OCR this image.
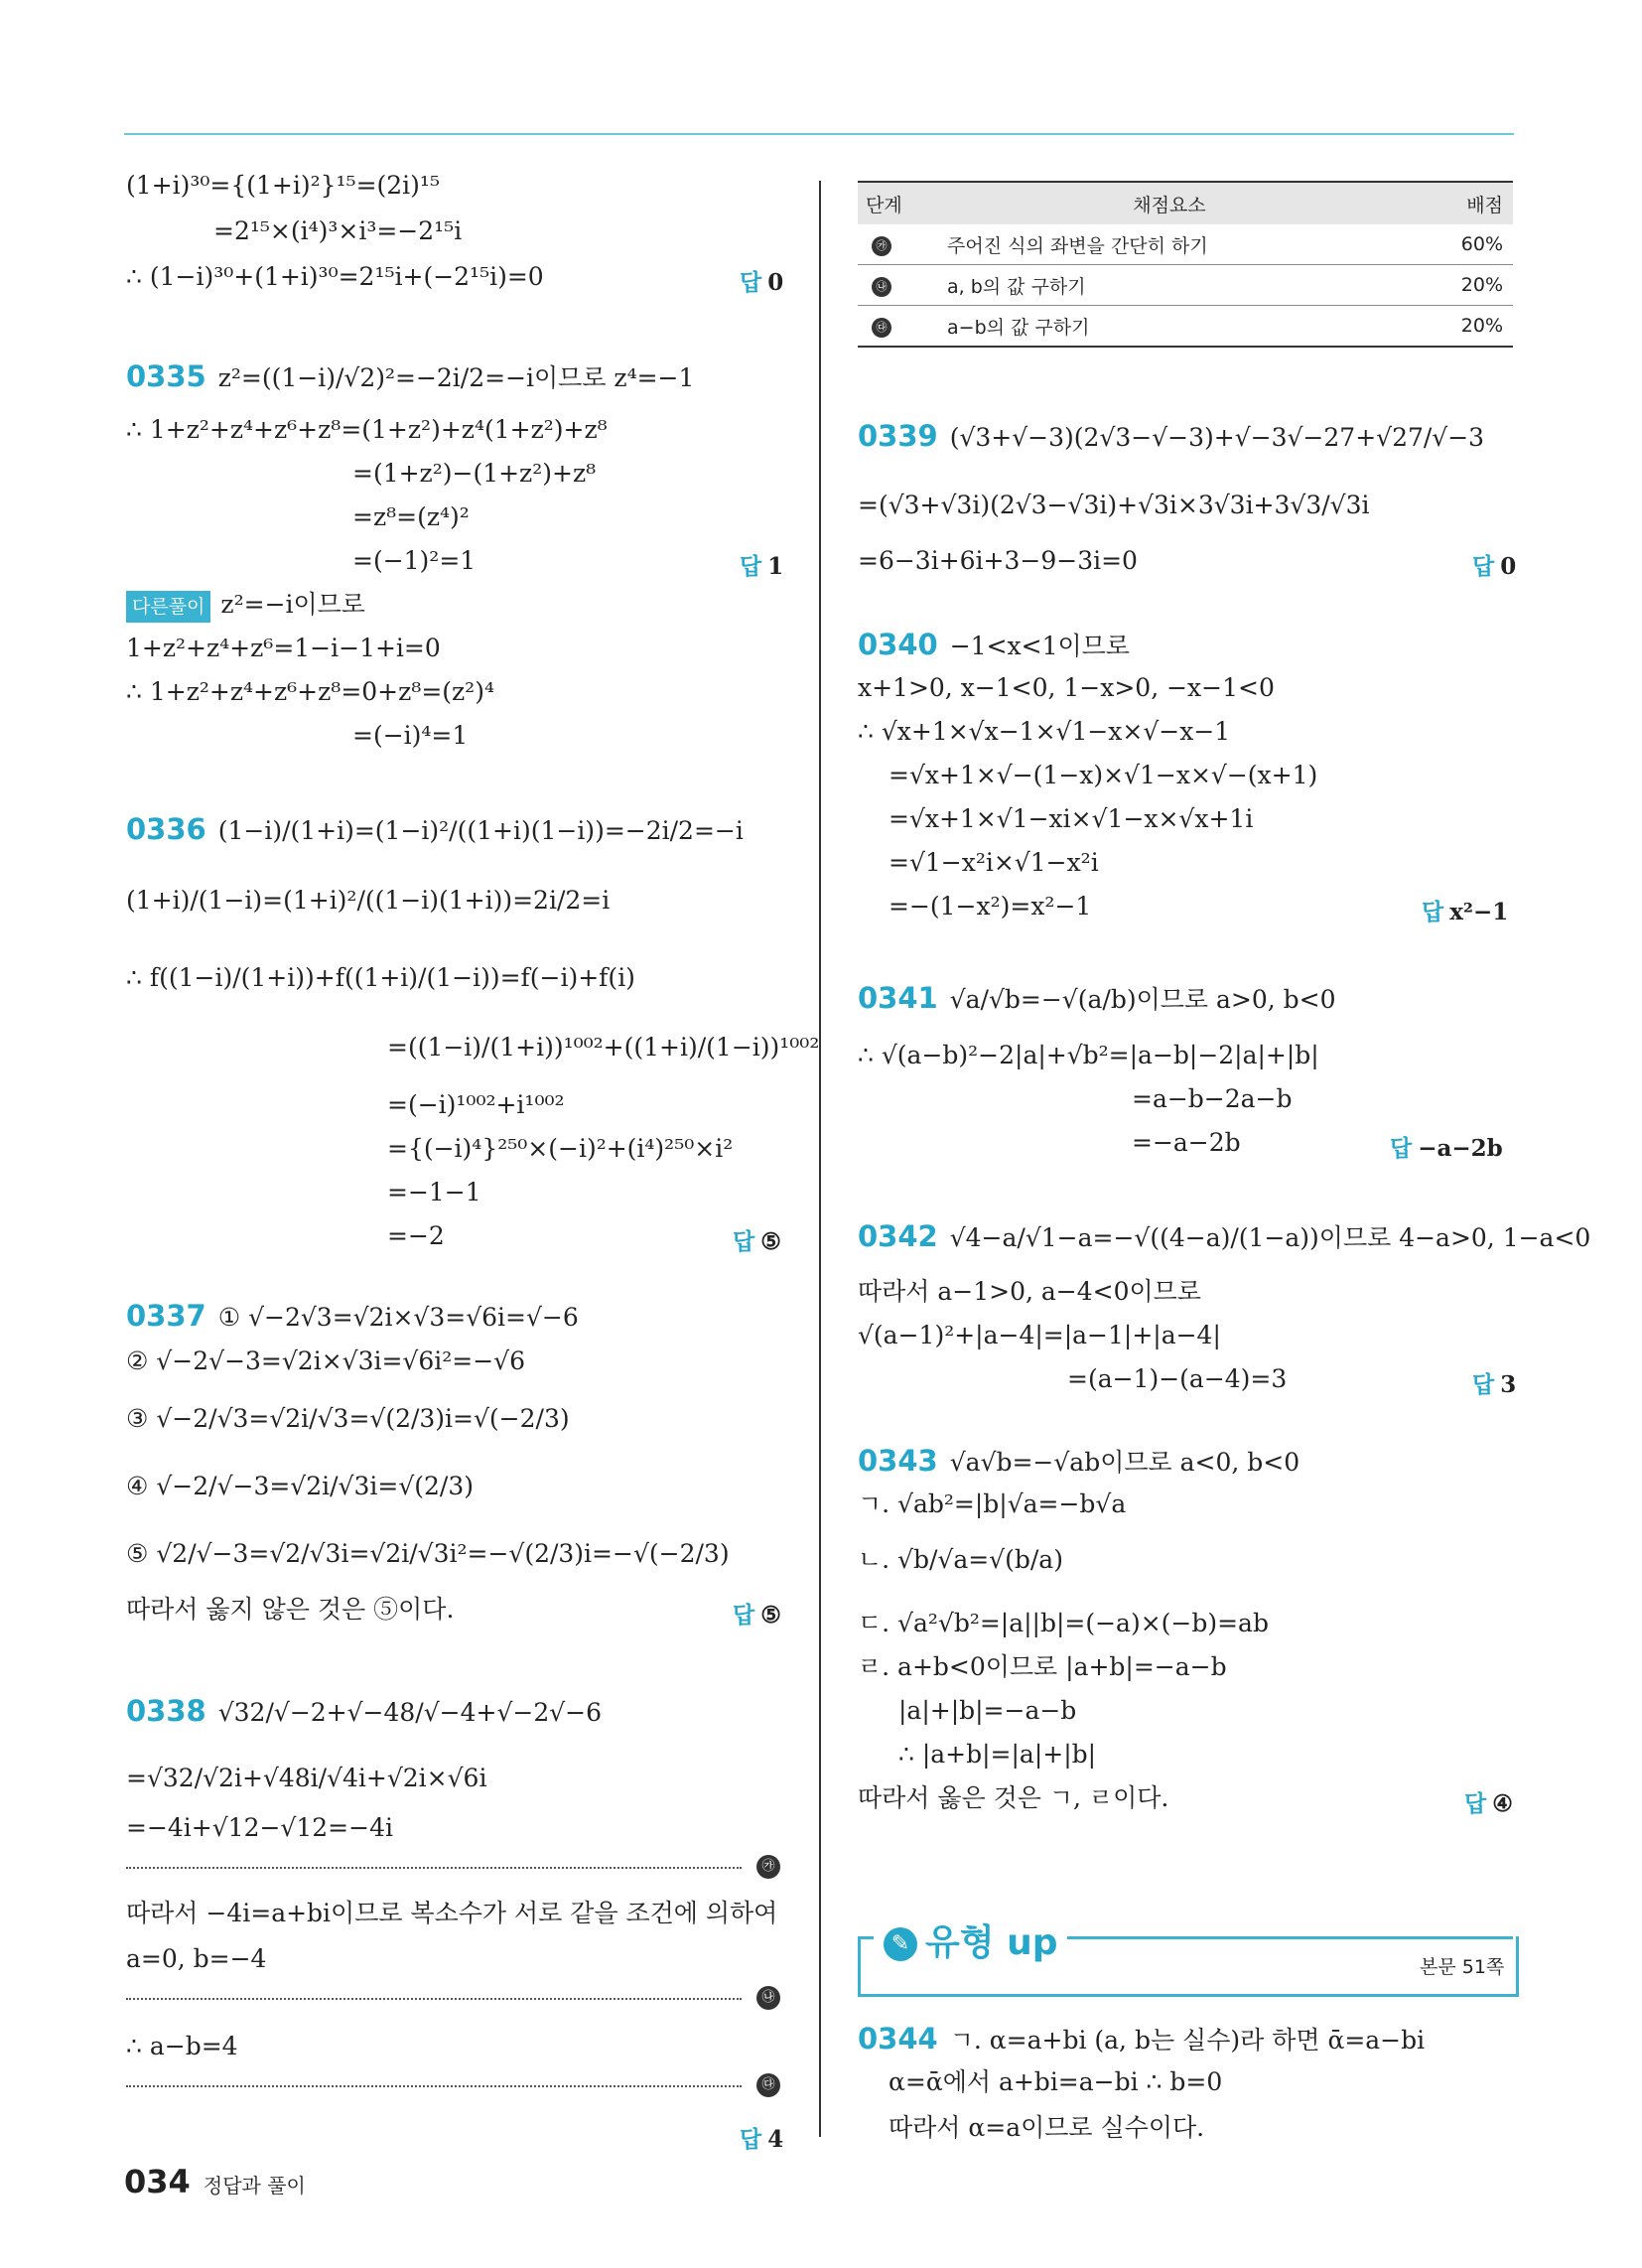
(1+i)³⁰={(1+i)²}¹⁵=(2i)¹⁵
=2¹⁵×(i⁴)³×i³=−2¹⁵i
∴ (1−i)³⁰+(1+i)³⁰=2¹⁵i+(−2¹⁵i)=0	답 0
0335 z²=((1−i)/√2)²=−2i/2=−i이므로 z⁴=−1
∴ 1+z²+z⁴+z⁶+z⁸=(1+z²)+z⁴(1+z²)+z⁸
=(1+z²)−(1+z²)+z⁸
=z⁸=(z⁴)²
=(−1)²=1	답 1
다른풀이 z²=−i이므로
1+z²+z⁴+z⁶=1−i−1+i=0
∴ 1+z²+z⁴+z⁶+z⁸=0+z⁸=(z²)⁴
=(−i)⁴=1
0336 (1−i)/(1+i)=(1−i)²/((1+i)(1−i))=−2i/2=−i
(1+i)/(1−i)=(1+i)²/((1−i)(1+i))=2i/2=i
∴ f((1−i)/(1+i))+f((1+i)/(1−i))=f(−i)+f(i)
=((1−i)/(1+i))¹⁰⁰²+((1+i)/(1−i))¹⁰⁰²
=(−i)¹⁰⁰²+i¹⁰⁰²
={(−i)⁴}²⁵⁰×(−i)²+(i⁴)²⁵⁰×i²
=−1−1
=−2	답 ⑤
0337 ① √−2√3=√2i×√3=√6i=√−6
② √−2√−3=√2i×√3i=√6i²=−√6
③ √−2/√3=√2i/√3=√(2/3)i=√(−2/3)
④ √−2/√−3=√2i/√3i=√(2/3)
⑤ √2/√−3=√2/√3i=√2i/√3i²=−√(2/3)i=−√(−2/3)
따라서 옳지 않은 것은 ⑤이다.	답 ⑤
0338 √32/√−2+√−48/√−4+√−2√−6
=√32/√2i+√48i/√4i+√2i×√6i
=−4i+√12−√12=−4i
㉮
따라서 −4i=a+bi이므로 복소수가 서로 같을 조건에 의하여
a=0, b=−4
㉯
∴ a−b=4
㉰
답 4
단계	채점요소	배점
㉮	주어진 식의 좌변을 간단히 하기	60%
㉯	a, b의 값 구하기	20%
㉰	a−b의 값 구하기	20%
0339 (√3+√−3)(2√3−√−3)+√−3√−27+√27/√−3
=(√3+√3i)(2√3−√3i)+√3i×3√3i+3√3/√3i
=6−3i+6i+3−9−3i=0	답 0
0340 −1<x<1이므로
x+1>0, x−1<0, 1−x>0, −x−1<0
∴ √x+1×√x−1×√1−x×√−x−1
=√x+1×√−(1−x)×√1−x×√−(x+1)
=√x+1×√1−xi×√1−x×√x+1i
=√1−x²i×√1−x²i
=−(1−x²)=x²−1	답 x²−1
0341 √a/√b=−√(a/b)이므로 a>0, b<0
∴ √(a−b)²−2|a|+√b²=|a−b|−2|a|+|b|
=a−b−2a−b
=−a−2b	답 −a−2b
0342 √4−a/√1−a=−√((4−a)/(1−a))이므로 4−a>0, 1−a<0
따라서 a−1>0, a−4<0이므로
√(a−1)²+|a−4|=|a−1|+|a−4|
=(a−1)−(a−4)=3	답 3
0343 √a√b=−√ab이므로 a<0, b<0
ㄱ. √ab²=|b|√a=−b√a
ㄴ. √b/√a=√(b/a)
ㄷ. √a²√b²=|a||b|=(−a)×(−b)=ab
ㄹ. a+b<0이므로 |a+b|=−a−b
|a|+|b|=−a−b
∴ |a+b|=|a|+|b|
따라서 옳은 것은 ㄱ, ㄹ이다.	답 ④
✎ 유형 up
본문 51쪽
0344 ㄱ. α=a+bi (a, b는 실수)라 하면 ᾱ=a−bi
α=ᾱ에서 a+bi=a−bi ∴ b=0
따라서 α=a이므로 실수이다.
034 정답과 풀이
